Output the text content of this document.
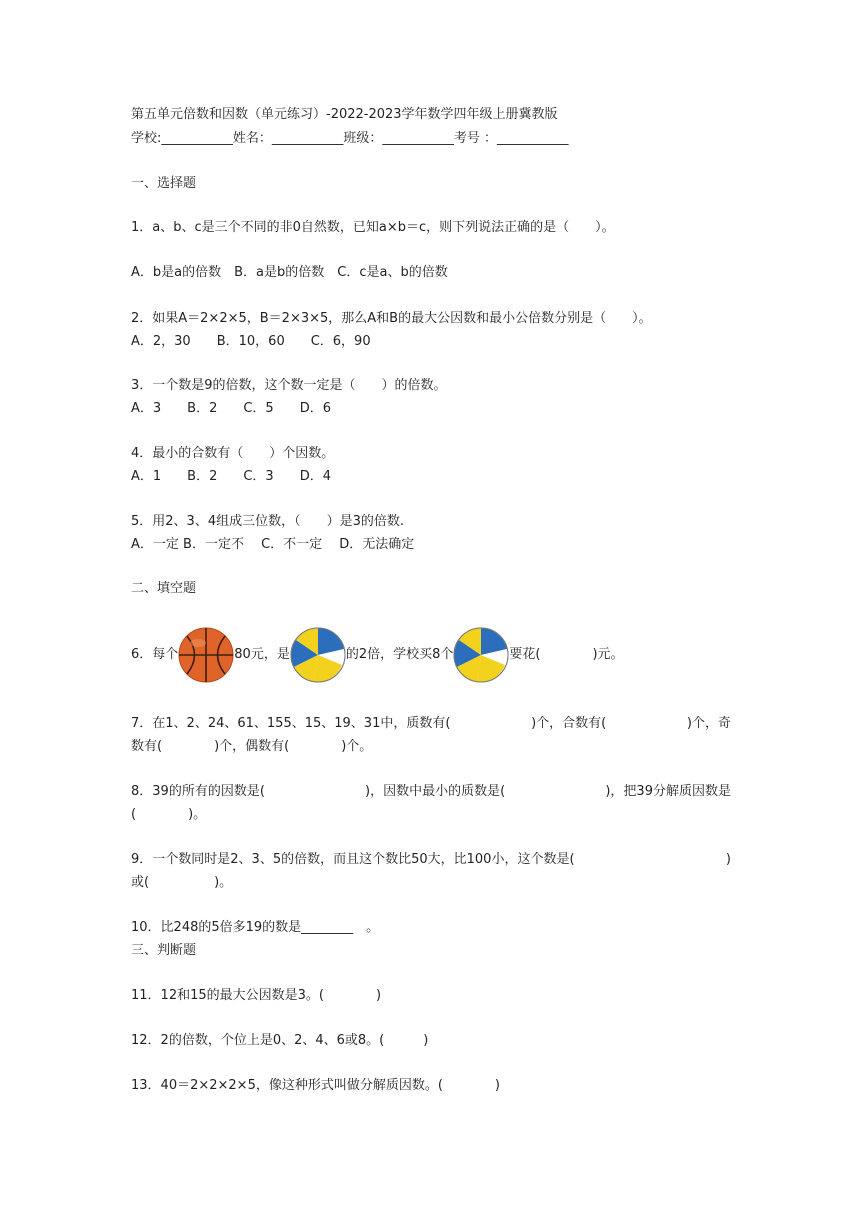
第五单元倍数和因数（单元练习）-2022-2023学年数学四年级上册冀教版
学校:___________姓名：___________班级：___________考号 ：___________
一、选择题
1．a、b、c是三个不同的非0自然数，已知a×b＝c，则下列说法正确的是（　　）。
A．b是a的倍数　B．a是b的倍数　C．c是a、b的倍数
2．如果A＝2×2×5，B＝2×3×5，那么A和B的最大公因数和最小公倍数分别是（　　）。
A．2，30　　B．10，60　　C．6，90
3．一个数是9的倍数，这个数一定是（　　）的倍数。
A．3　　B．2　　C．5　　D．6
4．最小的合数有（　　）个因数。
A．1　　B．2　　C．3　　D．4
5．用2、3、4组成三位数，（　　）是3的倍数.
A．一定 B．一定不　 C．不一定　 D．无法确定
二、填空题
6．每个	80元，是	的2倍，学校买8个	要花(　　　　)元。
7．在1、2、24、61、155、15、19、31中，质数有(	)个，合数有(	)个，奇
数有(　　　　)个，偶数有(　　　　)个。
8．39的所有的因数是(	)，因数中最小的质数是(	)，把39分解质因数是
(　　　　)。
9．一个数同时是2、3、5的倍数，而且这个数比50大，比100小，这个数是(	)
或(　　　　　)。
10．比248的5倍多19的数是________　。
三、判断题
11．12和15的最大公因数是3。(　　　　)
12．2的倍数，个位上是0、2、4、6或8。(　　　)
13．40＝2×2×2×5，像这种形式叫做分解质因数。(　　　　)
